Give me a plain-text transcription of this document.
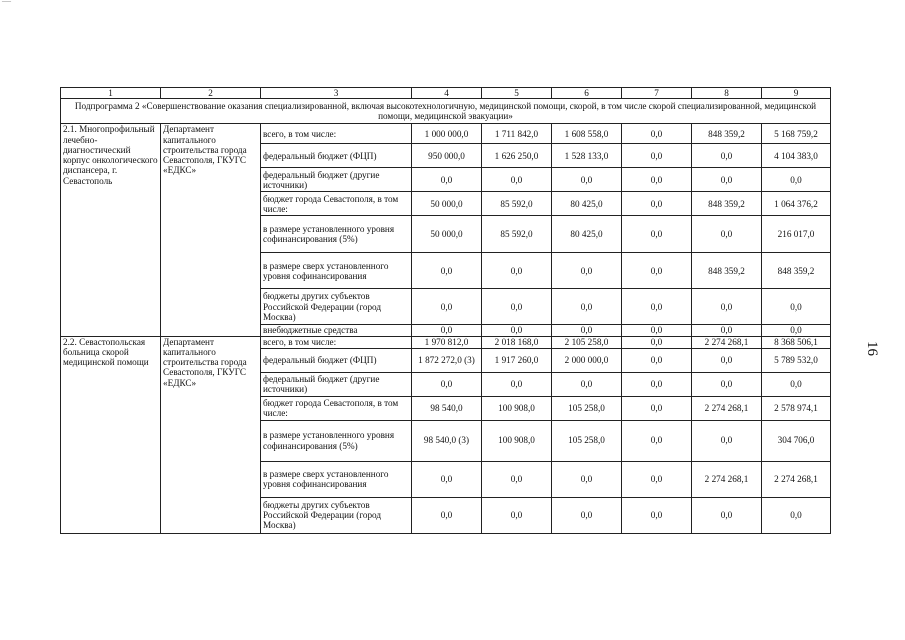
—
16
1	2	3	4	5	6	7	8	9
Подпрограмма 2 «Совершенствование оказания специализированной, включая высокотехнологичную, медицинской помощи, скорой, в том числе скорой специализированной, медицинской помощи, медицинской эвакуации»								
2.1. Многопрофильный лечебно-диагностический корпус онкологического диспансера, г. Севастополь	Департамент капитального строительства города Севастополя, ГКУГС «ЕДКС»	всего, в том числе:	1 000 000,0	1 711 842,0	1 608 558,0	0,0	848 359,2	5 168 759,2
		федеральный бюджет (ФЦП)	950 000,0	1 626 250,0	1 528 133,0	0,0	0,0	4 104 383,0
		федеральный бюджет (другие источники)	0,0	0,0	0,0	0,0	0,0	0,0
		бюджет города Севастополя, в том числе:	50 000,0	85 592,0	80 425,0	0,0	848 359,2	1 064 376,2
		в размере установленного уровня софинансирования (5%)	50 000,0	85 592,0	80 425,0	0,0	0,0	216 017,0
		в размере сверх установленного уровня софинансирования	0,0	0,0	0,0	0,0	848 359,2	848 359,2
		бюджеты других субъектов Российской Федерации (город Москва)	0,0	0,0	0,0	0,0	0,0	0,0
		внебюджетные средства	0,0	0,0	0,0	0,0	0,0	0,0
2.2. Севастопольская больница скорой медицинской помощи	Департамент капитального строительства города Севастополя, ГКУГС «ЕДКС»	всего, в том числе:	1 970 812,0	2 018 168,0	2 105 258,0	0,0	2 274 268,1	8 368 506,1
		федеральный бюджет (ФЦП)	1 872 272,0 (3)	1 917 260,0	2 000 000,0	0,0	0,0	5 789 532,0
		федеральный бюджет (другие источники)	0,0	0,0	0,0	0,0	0,0	0,0
		бюджет города Севастополя, в том числе:	98 540,0	100 908,0	105 258,0	0,0	2 274 268,1	2 578 974,1
		в размере установленного уровня софинансирования (5%)	98 540,0 (3)	100 908,0	105 258,0	0,0	0,0	304 706,0
		в размере сверх установленного уровня софинансирования	0,0	0,0	0,0	0,0	2 274 268,1	2 274 268,1
		бюджеты других субъектов Российской Федерации (город Москва)	0,0	0,0	0,0	0,0	0,0	0,0
